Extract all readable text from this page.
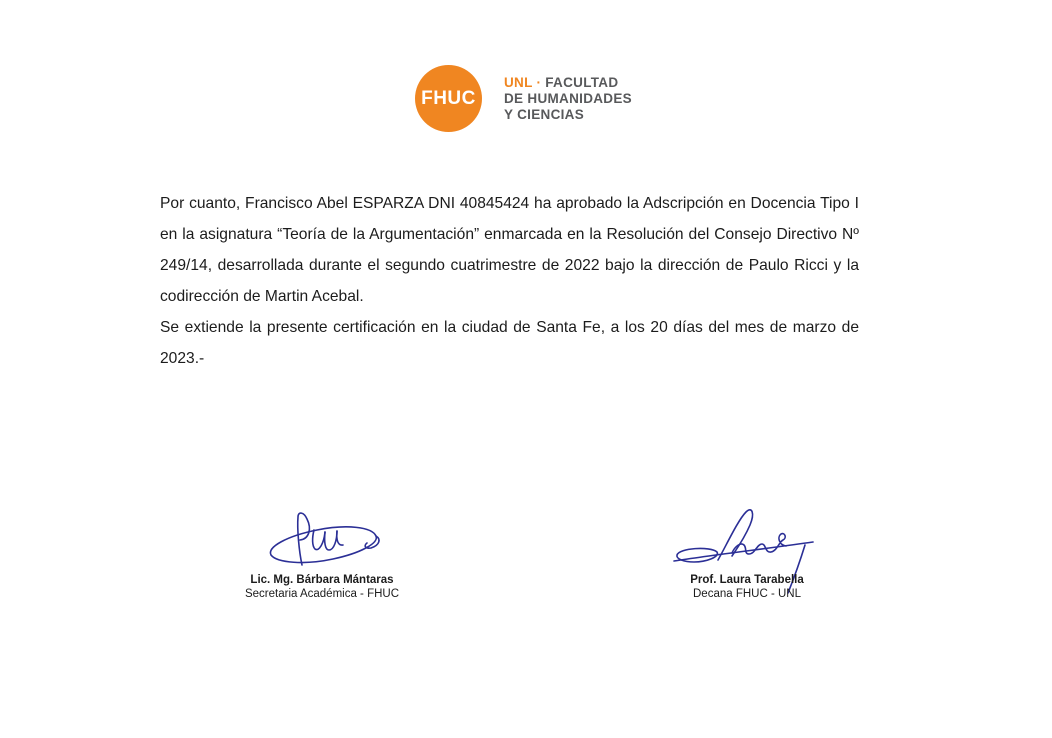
FHUC
UNL · FACULTAD
DE HUMANIDADES
Y CIENCIAS

Por cuanto, Francisco Abel ESPARZA DNI 40845424 ha aprobado la Adscripción en Docencia Tipo I en la asignatura “Teoría de la Argumentación” enmarcada en la Resolución del Consejo Directivo Nº 249/14, desarrollada durante el segundo cuatrimestre de 2022 bajo la dirección de Paulo Ricci y la codirección de Martin Acebal.

Se extiende la presente certificación en la ciudad de Santa Fe, a los 20 días del mes de marzo de 2023.-

Lic. Mg. Bárbara Mántaras
Secretaria Académica - FHUC
Prof. Laura Tarabella
Decana FHUC - UNL
